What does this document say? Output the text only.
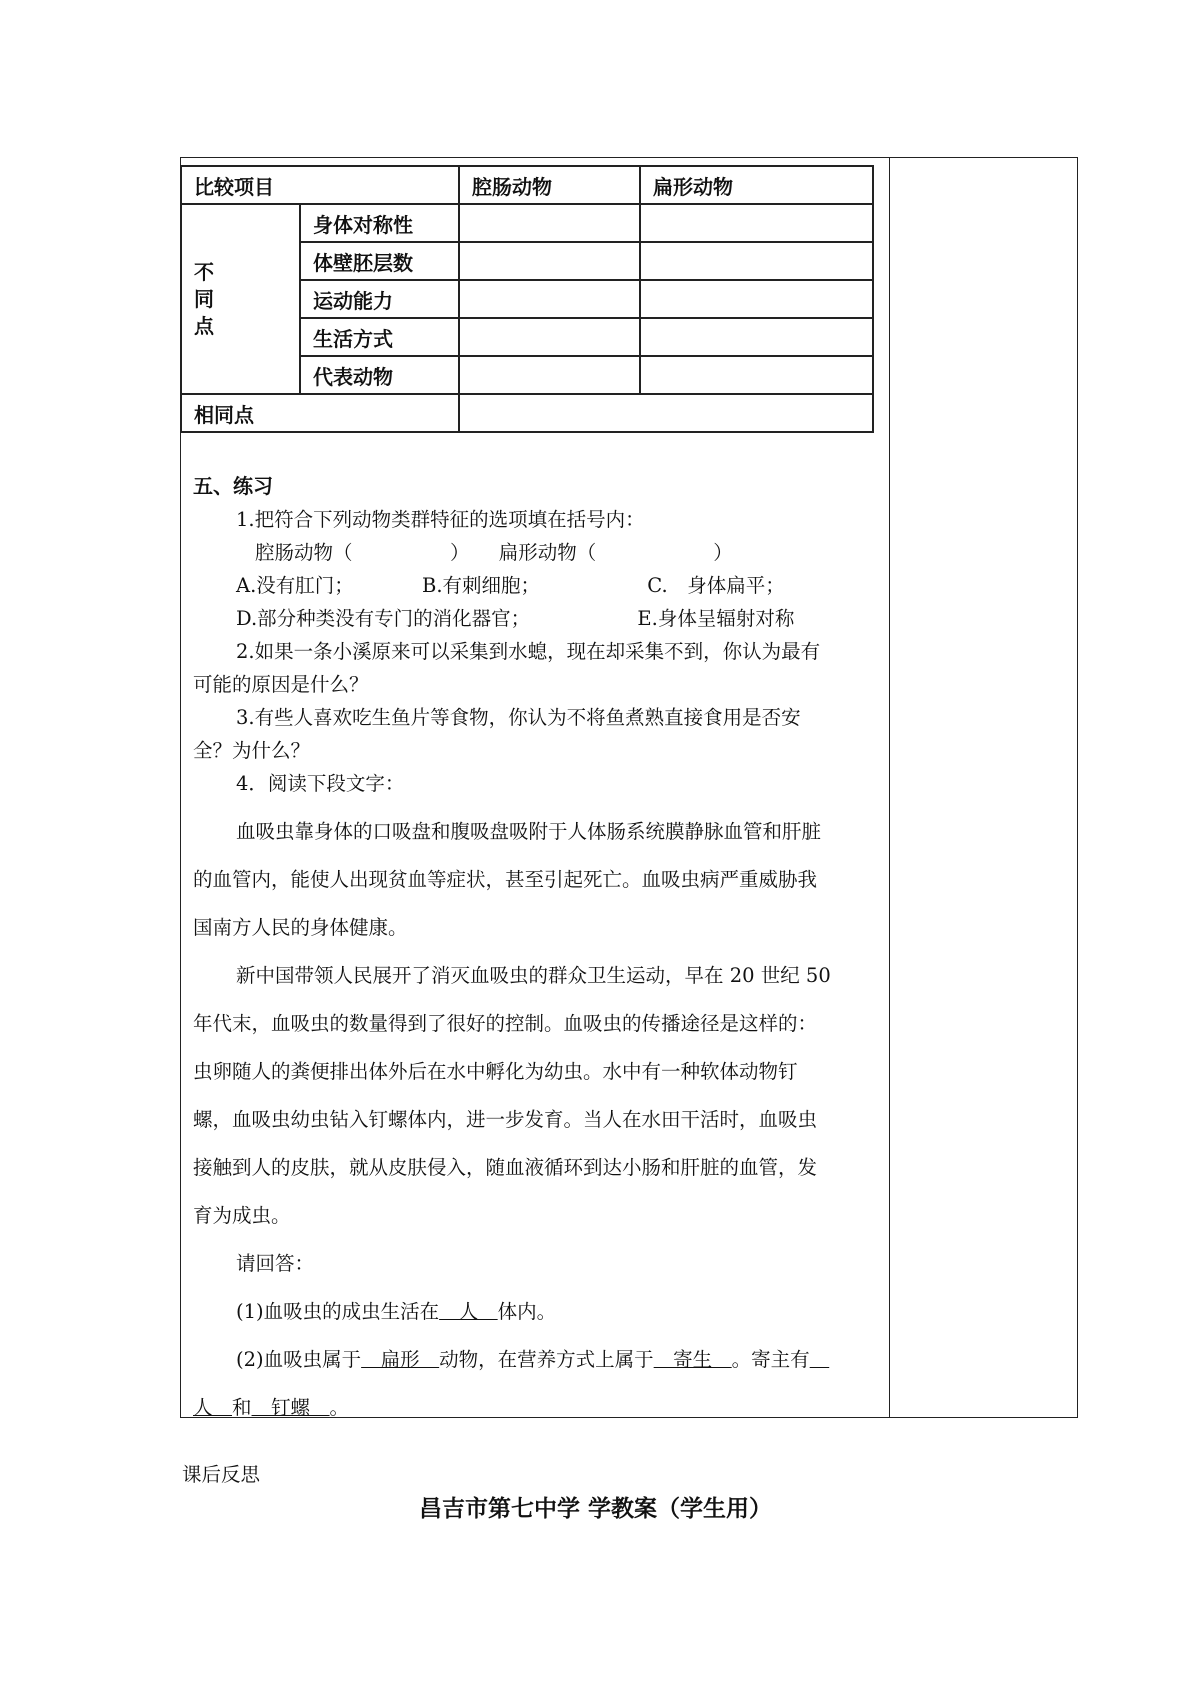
比较项目		腔肠动物	扁形动物
不
同
点	身体对称性		
	体壁胚层数		
	运动能力		
	生活方式		
	代表动物		
相同点			
五、练习
1.把符合下列动物类群特征的选项填在括号内：
腔肠动物（　　　　　）　　扁形动物（　　　　　　）
A.没有肛门；　　　　B.有刺细胞；　　　　　　C.　身体扁平；
D.部分种类没有专门的消化器官；　　　　　　E.身体呈辐射对称
2.如果一条小溪原来可以采集到水螅，现在却采集不到，你认为最有
可能的原因是什么？
3.有些人喜欢吃生鱼片等食物，你认为不将鱼煮熟直接食用是否安
全？为什么？
4．阅读下段文字：
血吸虫靠身体的口吸盘和腹吸盘吸附于人体肠系统膜静脉血管和肝脏
的血管内，能使人出现贫血等症状，甚至引起死亡。血吸虫病严重威胁我
国南方人民的身体健康。
新中国带领人民展开了消灭血吸虫的群众卫生运动，早在 20 世纪 50
年代末，血吸虫的数量得到了很好的控制。血吸虫的传播途径是这样的：
虫卵随人的粪便排出体外后在水中孵化为幼虫。水中有一种软体动物钉
螺，血吸虫幼虫钻入钉螺体内，进一步发育。当人在水田干活时，血吸虫
接触到人的皮肤，就从皮肤侵入，随血液循环到达小肠和肝脏的血管，发
育为成虫。
请回答：
(1)血吸虫的成虫生活在　人　体内。
(2)血吸虫属于　扁形　动物，在营养方式上属于　寄生　。寄主有　
人　和　钉螺　。
课后反思
昌吉市第七中学 学教案（学生用）
